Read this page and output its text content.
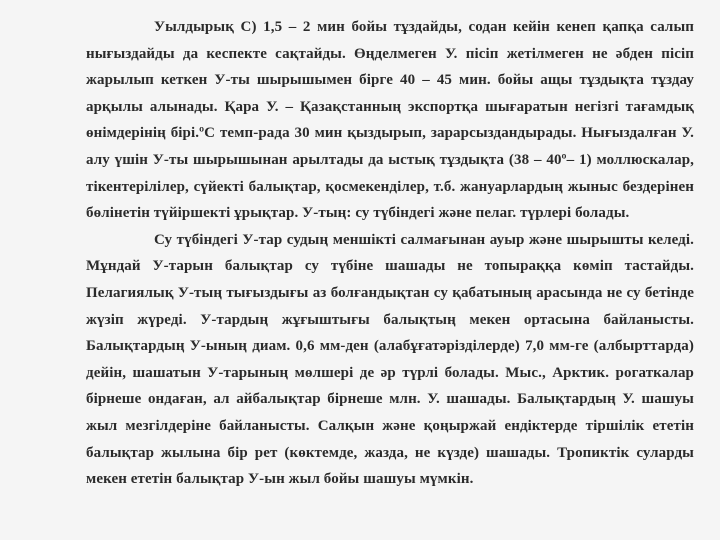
Уылдырық С) 1,5 – 2 мин бойы тұздайды, содан кейін кенеп қапқа салып нығыздайды да кеспекте сақтайды. Өңделмеген У. пісіп жетілмеген не әбден пісіп жарылып кеткен У-ты шырышымен бірге 40 – 45 мин. бойы ащы тұздықта тұздау арқылы алынады. Қара У. – Қазақстанның экспортқа шығаратын негізгі тағамдық өнімдерінің бірі.ºС темп-рада 30 мин қыздырып, зарарсыздандырады. Нығыздалған У. алу үшін У-ты шырышынан арылтады да ыстық тұздықта (38 – 40º– 1) моллюскалар, тікентерілілер, сүйекті балықтар, қосмекенділер, т.б. жануарлардың жыныс бездерінен бөлінетін түйіршекті ұрықтар. У-тың: су түбіндегі және пелаг. түрлері болады.

Су түбіндегі У-тар судың меншікті салмағынан ауыр және шырышты келеді. Мұндай У-тарын балықтар су түбіне шашады не топыраққа көміп тастайды. Пелагиялық У-тың тығыздығы аз болғандықтан су қабатының арасында не су бетінде жүзіп жүреді. У-тардың жұғыштығы балықтың мекен ортасына байланысты. Балықтардың У-ының диам. 0,6 мм-ден (алабұғатәрізділерде) 7,0 мм-ге (албырттарда) дейін, шашатын У-тарының мөлшері де әр түрлі болады. Мыс., Арктик. рогаткалар бірнеше ондаған, ал айбалықтар бірнеше млн. У. шашады. Балықтардың У. шашуы жыл мезгілдеріне байланысты. Салқын және қоңыржай ендіктерде тіршілік ететін балықтар жылына бір рет (көктемде, жазда, не күзде) шашады. Тропиктік суларды мекен ететін балықтар У-ын жыл бойы шашуы мүмкін.
